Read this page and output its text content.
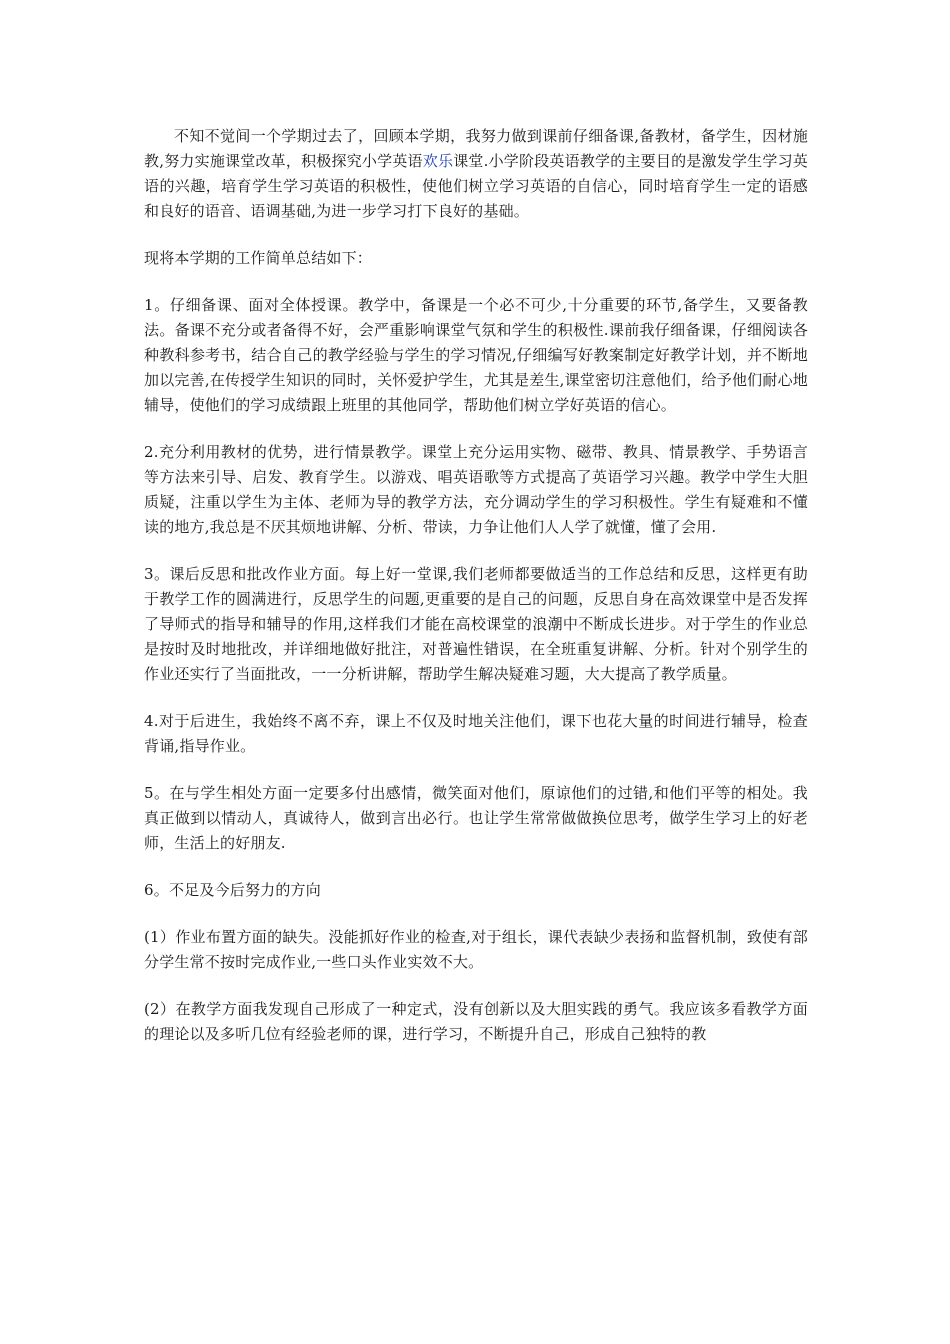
不知不觉间一个学期过去了，回顾本学期，我努力做到课前仔细备课,备教材，备学生，因材施教,努力实施课堂改革，积极探究小学英语欢乐课堂.小学阶段英语教学的主要目的是激发学生学习英语的兴趣，培育学生学习英语的积极性，使他们树立学习英语的自信心，同时培育学生一定的语感和良好的语音、语调基础,为进一步学习打下良好的基础。

现将本学期的工作简单总结如下：

1。仔细备课、面对全体授课。教学中，备课是一个必不可少,十分重要的环节,备学生，又要备教法。备课不充分或者备得不好，会严重影响课堂气氛和学生的积极性.课前我仔细备课，仔细阅读各种教科参考书，结合自己的教学经验与学生的学习情况,仔细编写好教案制定好教学计划，并不断地加以完善,在传授学生知识的同时，关怀爱护学生，尤其是差生,课堂密切注意他们，给予他们耐心地辅导，使他们的学习成绩跟上班里的其他同学，帮助他们树立学好英语的信心。

2.充分利用教材的优势，进行情景教学。课堂上充分运用实物、磁带、教具、情景教学、手势语言等方法来引导、启发、教育学生。以游戏、唱英语歌等方式提高了英语学习兴趣。教学中学生大胆质疑，注重以学生为主体、老师为导的教学方法，充分调动学生的学习积极性。学生有疑难和不懂读的地方,我总是不厌其烦地讲解、分析、带读，力争让他们人人学了就懂，懂了会用.

3。课后反思和批改作业方面。每上好一堂课,我们老师都要做适当的工作总结和反思，这样更有助于教学工作的圆满进行，反思学生的问题,更重要的是自己的问题，反思自身在高效课堂中是否发挥了导师式的指导和辅导的作用,这样我们才能在高校课堂的浪潮中不断成长进步。对于学生的作业总是按时及时地批改，并详细地做好批注，对普遍性错误，在全班重复讲解、分析。针对个别学生的作业还实行了当面批改，一一分析讲解，帮助学生解决疑难习题，大大提高了教学质量。

4.对于后进生，我始终不离不弃，课上不仅及时地关注他们，课下也花大量的时间进行辅导，检查背诵,指导作业。

5。在与学生相处方面一定要多付出感情，微笑面对他们，原谅他们的过错,和他们平等的相处。我真正做到以情动人，真诚待人，做到言出必行。也让学生常常做做换位思考，做学生学习上的好老师，生活上的好朋友.

6。不足及今后努力的方向

(1）作业布置方面的缺失。没能抓好作业的检查,对于组长，课代表缺少表扬和监督机制，致使有部分学生常不按时完成作业,一些口头作业实效不大。

(2）在教学方面我发现自己形成了一种定式，没有创新以及大胆实践的勇气。我应该多看教学方面的理论以及多听几位有经验老师的课，进行学习，不断提升自己，形成自己独特的教
